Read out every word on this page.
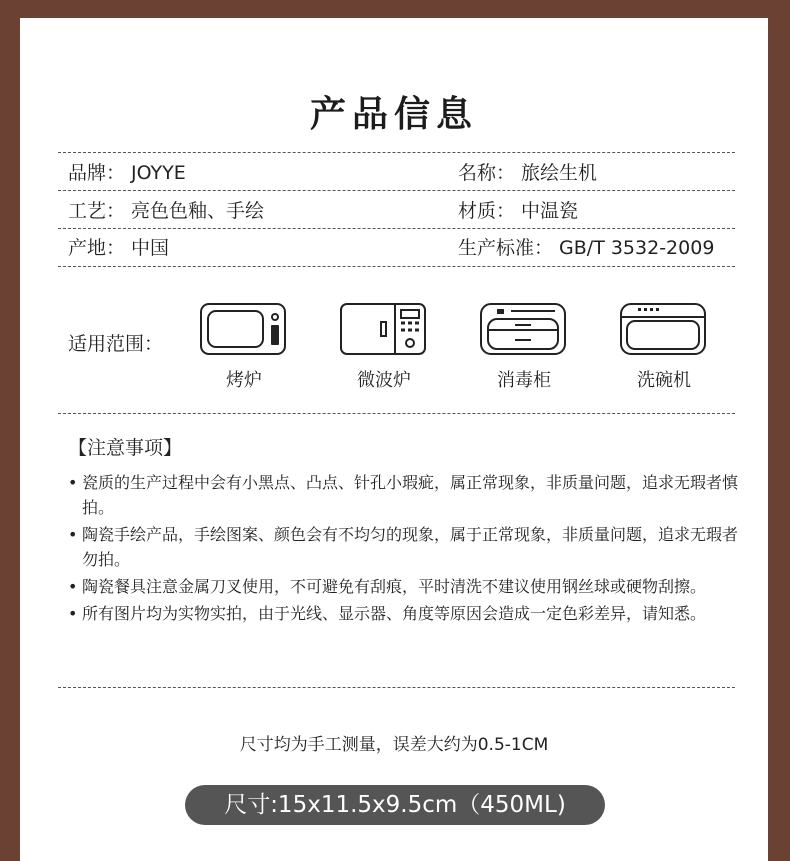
产品信息
品牌： JOYYE	名称： 旅绘生机
工艺： 亮色色釉、手绘	材质： 中温瓷
产地： 中国	生产标准： GB/T 3532-2009
适用范围：
烤炉	微波炉	消毒柜	洗碗机
【注意事项】
• 瓷质的生产过程中会有小黑点、凸点、针孔小瑕疵，属正常现象，非质量问题，追求无瑕者慎拍。
• 陶瓷手绘产品，手绘图案、颜色会有不均匀的现象，属于正常现象，非质量问题，追求无瑕者勿拍。
• 陶瓷餐具注意金属刀叉使用，不可避免有刮痕，平时清洗不建议使用钢丝球或硬物刮擦。
• 所有图片均为实物实拍，由于光线、显示器、角度等原因会造成一定色彩差异，请知悉。
尺寸均为手工测量，误差大约为0.5-1CM
尺寸:15x11.5x9.5cm（450ML)
